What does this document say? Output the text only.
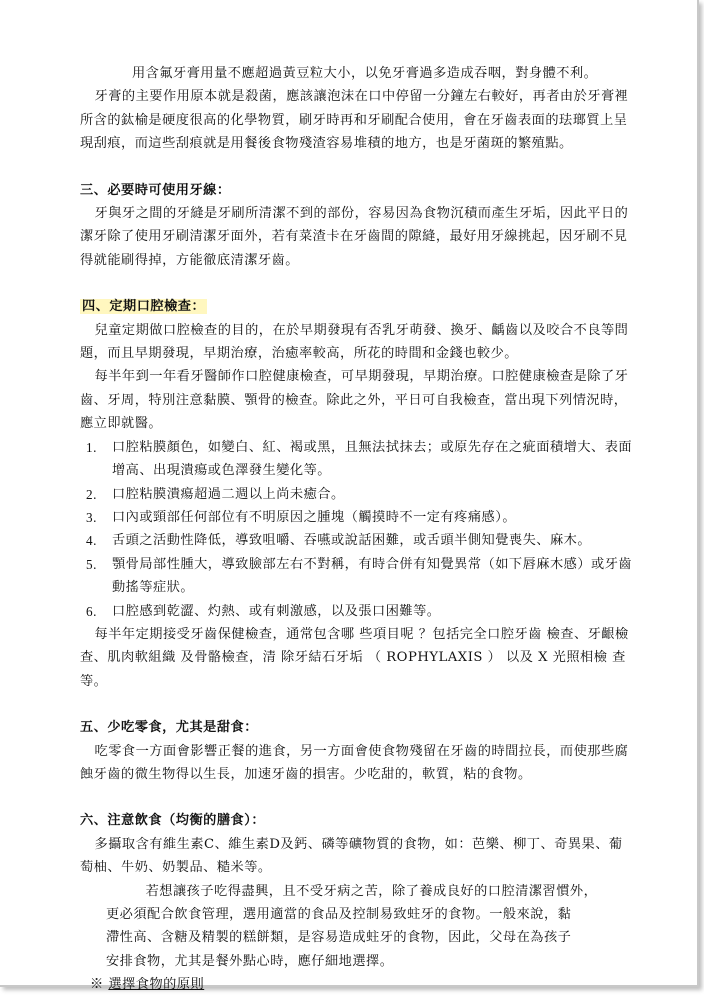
用含氟牙膏用量不應超過黃豆粒大小，以免牙膏過多造成吞咽，對身體不利。

牙膏的主要作用原本就是殺菌，應該讓泡沫在口中停留一分鐘左右較好，再者由於牙膏裡所含的鈦榆是硬度很高的化學物質，刷牙時再和牙刷配合使用，會在牙齒表面的珐瑯質上呈現刮痕，而這些刮痕就是用餐後食物殘渣容易堆積的地方，也是牙菌斑的繁殖點。

三、必要時可使用牙線：

牙與牙之間的牙縫是牙刷所清潔不到的部份，容易因為食物沉積而產生牙垢，因此平日的潔牙除了使用牙刷清潔牙面外，若有菜渣卡在牙齒間的隙縫，最好用牙線挑起，因牙刷不見得就能刷得掉，方能徹底清潔牙齒。

四、定期口腔檢查：

兒童定期做口腔檢查的目的，在於早期發現有否乳牙萌發、換牙、齲齒以及咬合不良等問題，而且早期發現，早期治療，治癒率較高，所花的時間和金錢也較少。

每半年到一年看牙醫師作口腔健康檢查，可早期發現，早期治療。口腔健康檢查是除了牙齒、牙周，特別注意黏膜、顎骨的檢查。除此之外，平日可自我檢查，當出現下列情況時，應立即就醫。

1. 口腔粘膜顏色，如變白、紅、褐或黑，且無法拭抹去；或原先存在之疵面積增大、表面增高、出現潰瘍或色澤發生變化等。
2. 口腔粘膜潰瘍超過二週以上尚未癒合。
3. 口內或頸部任何部位有不明原因之腫塊（觸摸時不一定有疼痛感）。
4. 舌頭之活動性降低，導致咀嚼、吞嚥或說話困難，或舌頭半側知覺喪失、麻木。
5. 顎骨局部性腫大，導致臉部左右不對稱，有時合併有知覺異常（如下唇麻木感）或牙齒動搖等症狀。
6. 口腔感到乾澀、灼熱、或有刺激感，以及張口困難等。

每半年定期接受牙齒保健檢查，通常包含哪 些項目呢 ？包括完全口腔牙齒 檢查、牙齦檢查、肌肉軟組織 及骨骼檢查，清 除牙結石牙垢 （ ROPHYLAXIS ） 以及 X 光照相檢 查等。

五、少吃零食，尤其是甜食：

吃零食一方面會影響正餐的進食，另一方面會使食物殘留在牙齒的時間拉長，而使那些腐蝕牙齒的微生物得以生長，加速牙齒的損害。少吃甜的，軟質，粘的食物。

六、注意飲食（均衡的膳食）：

多攝取含有維生素C、維生素D及鈣、磷等礦物質的食物，如：芭樂、柳丁、奇異果、葡萄柚、牛奶、奶製品、糙米等。

若想讓孩子吃得盡興，且不受牙病之苦，除了養成良好的口腔清潔習慣外，

更必須配合飲食管理，選用適當的食品及控制易致蛀牙的食物。一般來說，黏

滯性高、含糖及精製的糕餅類，是容易造成蛀牙的食物，因此，父母在為孩子

安排食物，尤其是餐外點心時，應仔細地選擇。

※ 選擇食物的原則
